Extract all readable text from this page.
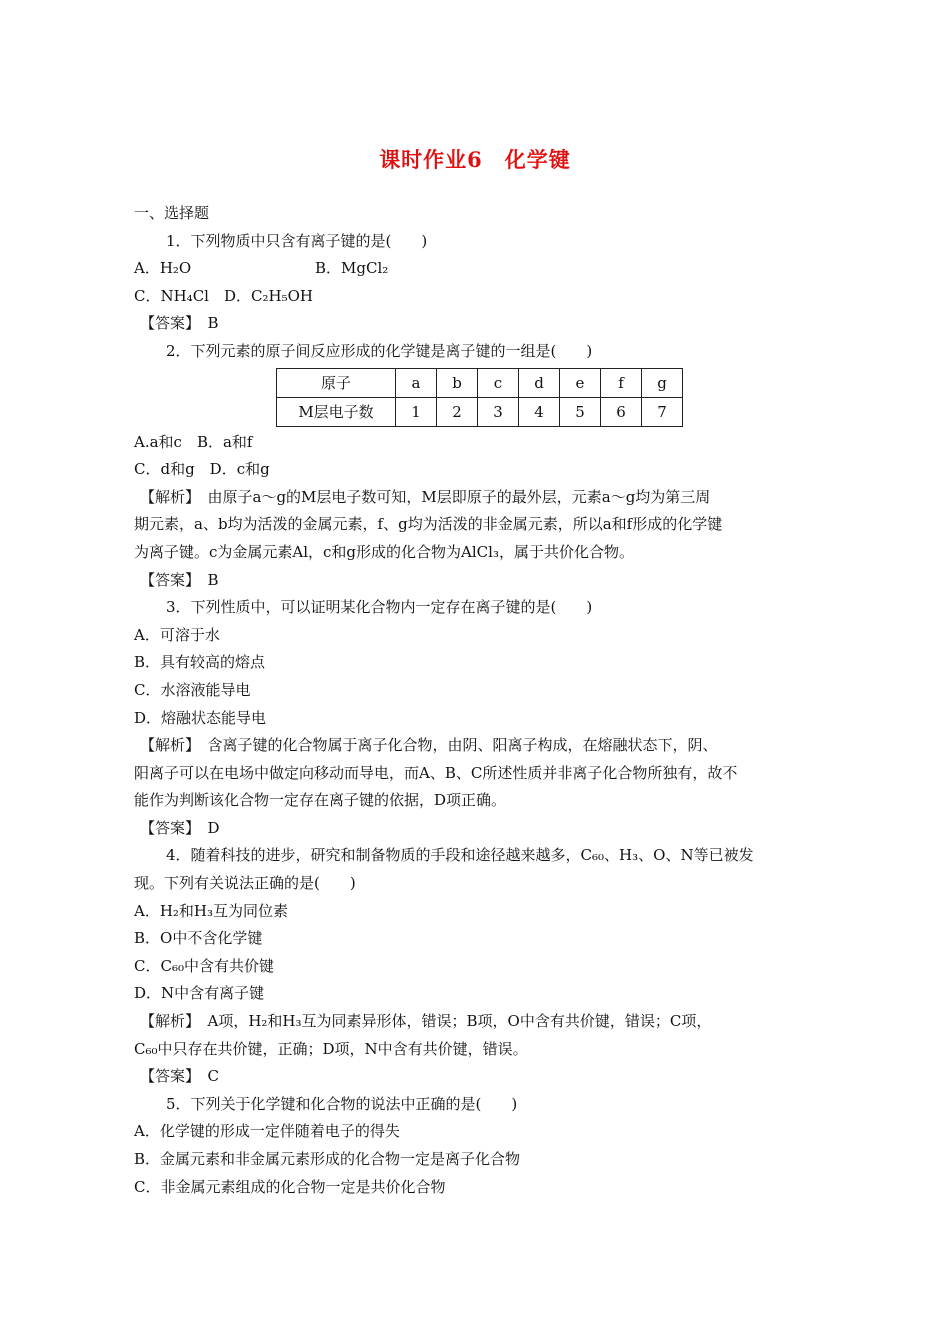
课时作业6　化学键
一、选择题
1．下列物质中只含有离子键的是(　　)
A．H₂O	B．MgCl₂
C．NH₄Cl　D．C₂H₅OH
【答案】　B
2．下列元素的原子间反应形成的化学键是离子键的一组是(　　)
原子	a	b	c	d	e	f	g
M层电子数	1	2	3	4	5	6	7
A.a和c　B．a和f
C．d和g　D．c和g
【解析】　由原子a～g的M层电子数可知，M层即原子的最外层，元素a～g均为第三周
期元素，a、b均为活泼的金属元素，f、g均为活泼的非金属元素，所以a和f形成的化学键
为离子键。c为金属元素Al，c和g形成的化合物为AlCl₃，属于共价化合物。
【答案】　B
3．下列性质中，可以证明某化合物内一定存在离子键的是(　　)
A．可溶于水
B．具有较高的熔点
C．水溶液能导电
D．熔融状态能导电
【解析】　含离子键的化合物属于离子化合物，由阴、阳离子构成，在熔融状态下，阴、
阳离子可以在电场中做定向移动而导电，而A、B、C所述性质并非离子化合物所独有，故不
能作为判断该化合物一定存在离子键的依据，D项正确。
【答案】　D
4．随着科技的进步，研究和制备物质的手段和途径越来越多，C₆₀、H₃、O、N等已被发
现。下列有关说法正确的是(　　)
A．H₂和H₃互为同位素
B．O中不含化学键
C．C₆₀中含有共价键
D．N中含有离子键
【解析】　A项，H₂和H₃互为同素异形体，错误；B项，O中含有共价键，错误；C项，
C₆₀中只存在共价键，正确；D项，N中含有共价键，错误。
【答案】　C
5．下列关于化学键和化合物的说法中正确的是(　　)
A．化学键的形成一定伴随着电子的得失
B．金属元素和非金属元素形成的化合物一定是离子化合物
C．非金属元素组成的化合物一定是共价化合物
